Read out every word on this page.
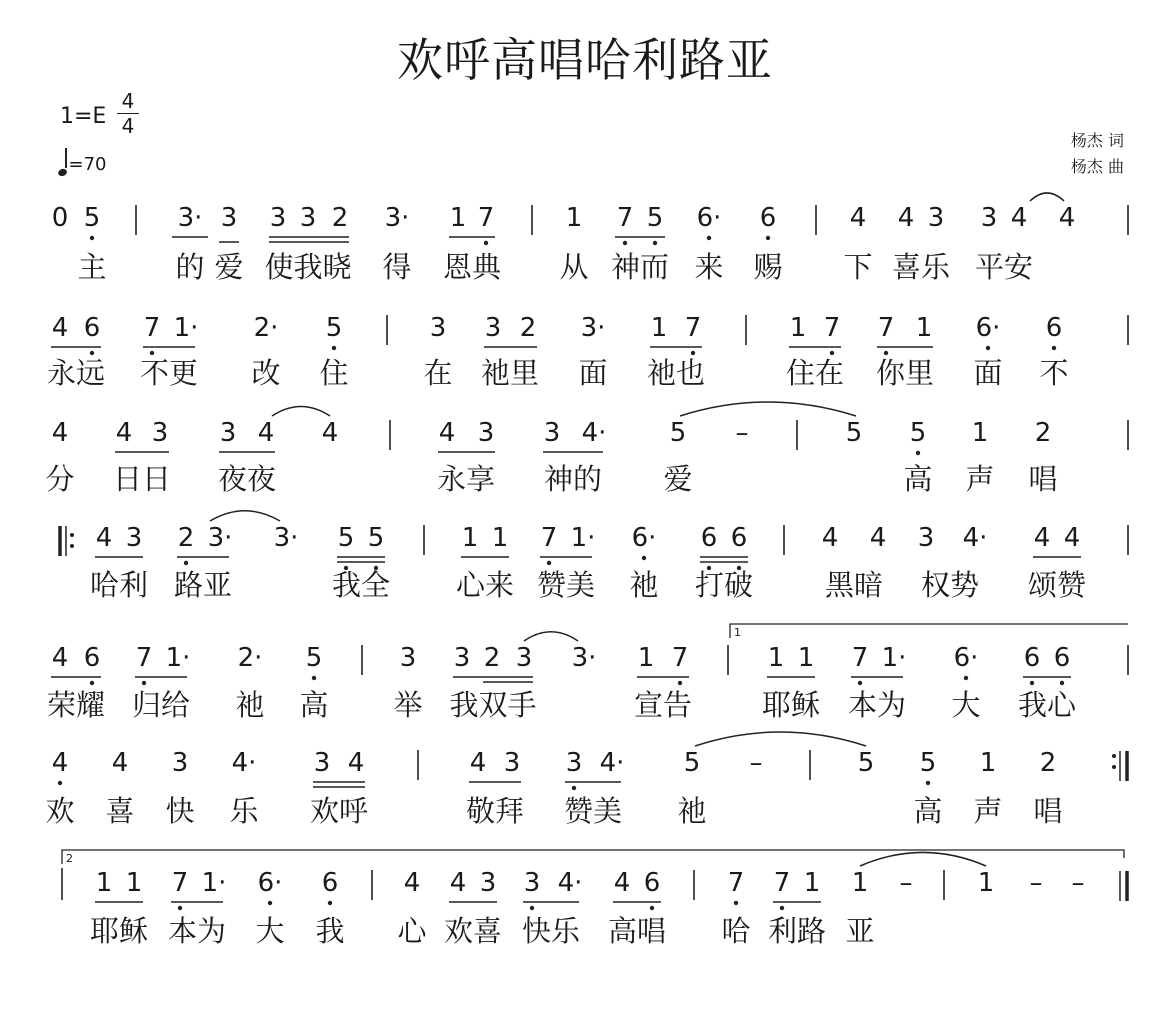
欢呼高唱哈利路亚
1=E
4
4
=70
杨杰 词
杨杰 曲
0 5	3· 3 3 3 2 3· 1 7	1 7 5 6· 6	4 4 3 3 4 4
主 的 爱 使我晓 得 恩典 从 神而 来 赐 下 喜乐 平安
4 6 7 1· 2· 5	3 3 2 3· 1 7	1 7 7 1 6· 6
永远 不更 改 住	在 祂里 面 祂也	住在 你里 面 不
4 4 3 3 4 4	4 3 3 4· 5 –	5 5 1 2
分 日日 夜夜	永享 神的 爱	高 声 唱
4 3 2 3· 3· 5 5	1 1 7 1· 6· 6 6	4 4 3 4· 4 4
哈利 路亚	我全 心来 赞美 祂 打破 黑暗 权势 颂赞
4 6 7 1· 2· 5	3 3 2 3 3· 1 7	1 1 7 1· 6· 6 6
荣耀 归给 祂 高 举 我双手	宣告 耶稣 本为 大 我心
4 4 3 4· 3 4	4 3 3 4· 5 –	5 5 1 2
欢 喜 快 乐 欢呼	敬拜 赞美 祂	高 声 唱
1 1 7 1· 6· 6	4 4 3 3 4· 4 6	7 7 1 1 –	1 – –
耶稣 本为 大 我 心 欢喜 快乐 高唱 哈 利路 亚
1
2
